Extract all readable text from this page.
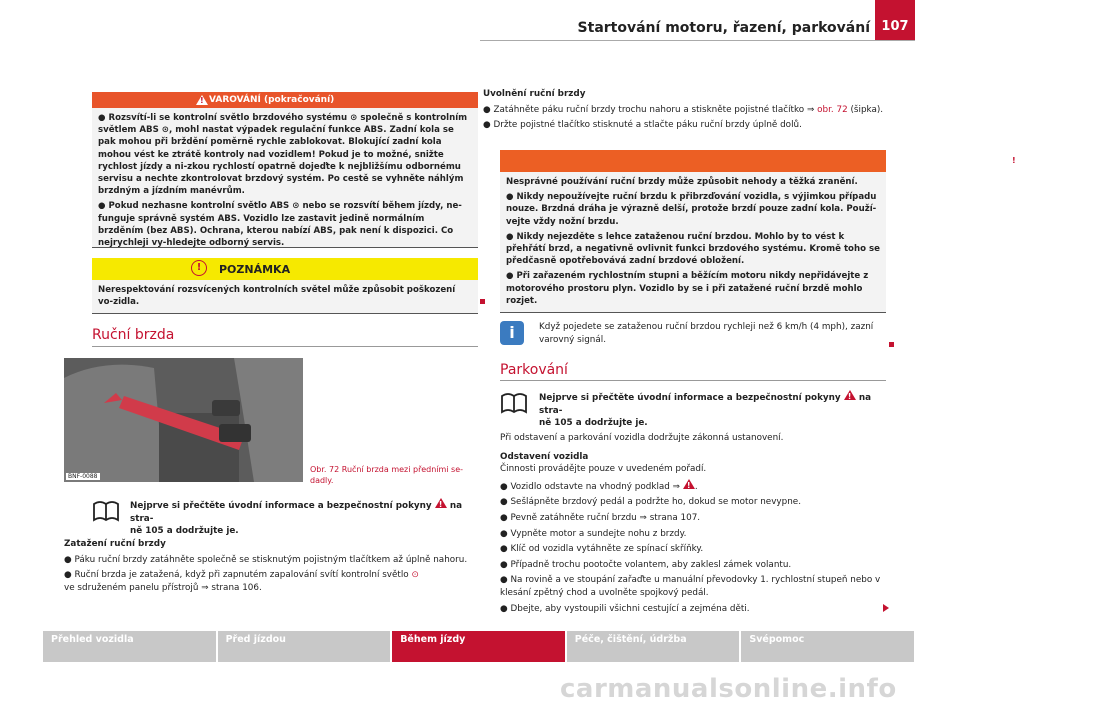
Startování motoru, řazení, parkování 107
!
VAROVÁNÍ (pokračování)

● Rozsvítí-li se kontrolní světlo brzdového systému ⊙ společně s kontrolním světlem ABS ⊙, mohl nastat výpadek regulační funkce ABS. Zadní kola se pak mohou při brždění poměrně rychle zablokovat. Blokující zadní kola mohou vést ke ztrátě kontroly nad vozidlem! Pokud je to možné, snižte rychlost jízdy a ni-zkou rychlostí opatrně dojeďte k nejbližšímu odbornému servisu a nechte zkontrolovat brzdový systém. Po cestě se vyhněte náhlým brzdným a jízdním manévrům.

● Pokud nezhasne kontrolní světlo ABS ⊙ nebo se rozsvítí během jízdy, ne-funguje správně systém ABS. Vozidlo lze zastavit jedině normálním brzděním (bez ABS). Ochrana, kterou nabízí ABS, pak není k dispozici. Co nejrychleji vy-hledejte odborný servis.

!	POZNÁMKA
Nerespektování rozsvícených kontrolních světel může způsobit poškození vo-zidla.
Ruční brzda
BNF-0088
Obr. 72 Ruční brzda mezi předními se-dadly.
Nejprve si přečtěte úvodní informace a bezpečnostní pokyny ! na stra-
ně 105 a dodržujte je.

Zatažení ruční brzdy

● Páku ruční brzdy zatáhněte společně se stisknutým pojistným tlačítkem až úplně nahoru.

● Ruční brzda je zatažená, když při zapnutém zapalování svítí kontrolní světlo ⊙
ve sdruženém panelu přístrojů ⇒ strana 106.

Uvolnění ruční brzdy

● Zatáhněte páku ruční brzdy trochu nahoru a stiskněte pojistné tlačítko ⇒ obr. 72 (šipka).

● Držte pojistné tlačítko stisknuté a stlačte páku ruční brzdy úplně dolů.

!
VAROVÁNÍ

Nesprávné používání ruční brzdy může způsobit nehody a těžká zranění.

● Nikdy nepoužívejte ruční brzdu k přibrzďování vozidla, s výjimkou případu nouze. Brzdná dráha je výrazně delší, protože brzdí pouze zadní kola. Použí-vejte vždy nožní brzdu.

● Nikdy nejezděte s lehce zataženou ruční brzdou. Mohlo by to vést k přehřátí brzd, a negativně ovlivnit funkci brzdového systému. Kromě toho se předčasně opotřebovává zadní brzdové obložení.

● Při zařazeném rychlostním stupni a běžícím motoru nikdy nepřidávejte z motorového prostoru plyn. Vozidlo by se i při zatažené ruční brzdě mohlo rozjet.

i	Když pojedete se zataženou ruční brzdou rychleji než 6 km/h (4 mph), zazní varovný signál.
Parkování
Nejprve si přečtěte úvodní informace a bezpečnostní pokyny ! na stra-
ně 105 a dodržujte je.

Při odstavení a parkování vozidla dodržujte zákonná ustanovení.

Odstavení vozidla
Činnosti provádějte pouze v uvedeném pořadí.

● Vozidlo odstavte na vhodný podklad ⇒ ! .

● Sešlápněte brzdový pedál a podržte ho, dokud se motor nevypne.

● Pevně zatáhněte ruční brzdu ⇒ strana 107.

● Vypněte motor a sundejte nohu z brzdy.

● Klíč od vozidla vytáhněte ze spínací skříňky.

● Případně trochu pootočte volantem, aby zaklesl zámek volantu.

● Na rovině a ve stoupání zařaďte u manuální převodovky 1. rychlostní stupeň nebo v klesání zpětný chod a uvolněte spojkový pedál.

● Dbejte, aby vystoupili všichni cestující a zejména děti.

Přehled vozidla	Před jízdou	Během jízdy	Péče, čištění, údržba	Svépomoc
carmanualsonline.info
